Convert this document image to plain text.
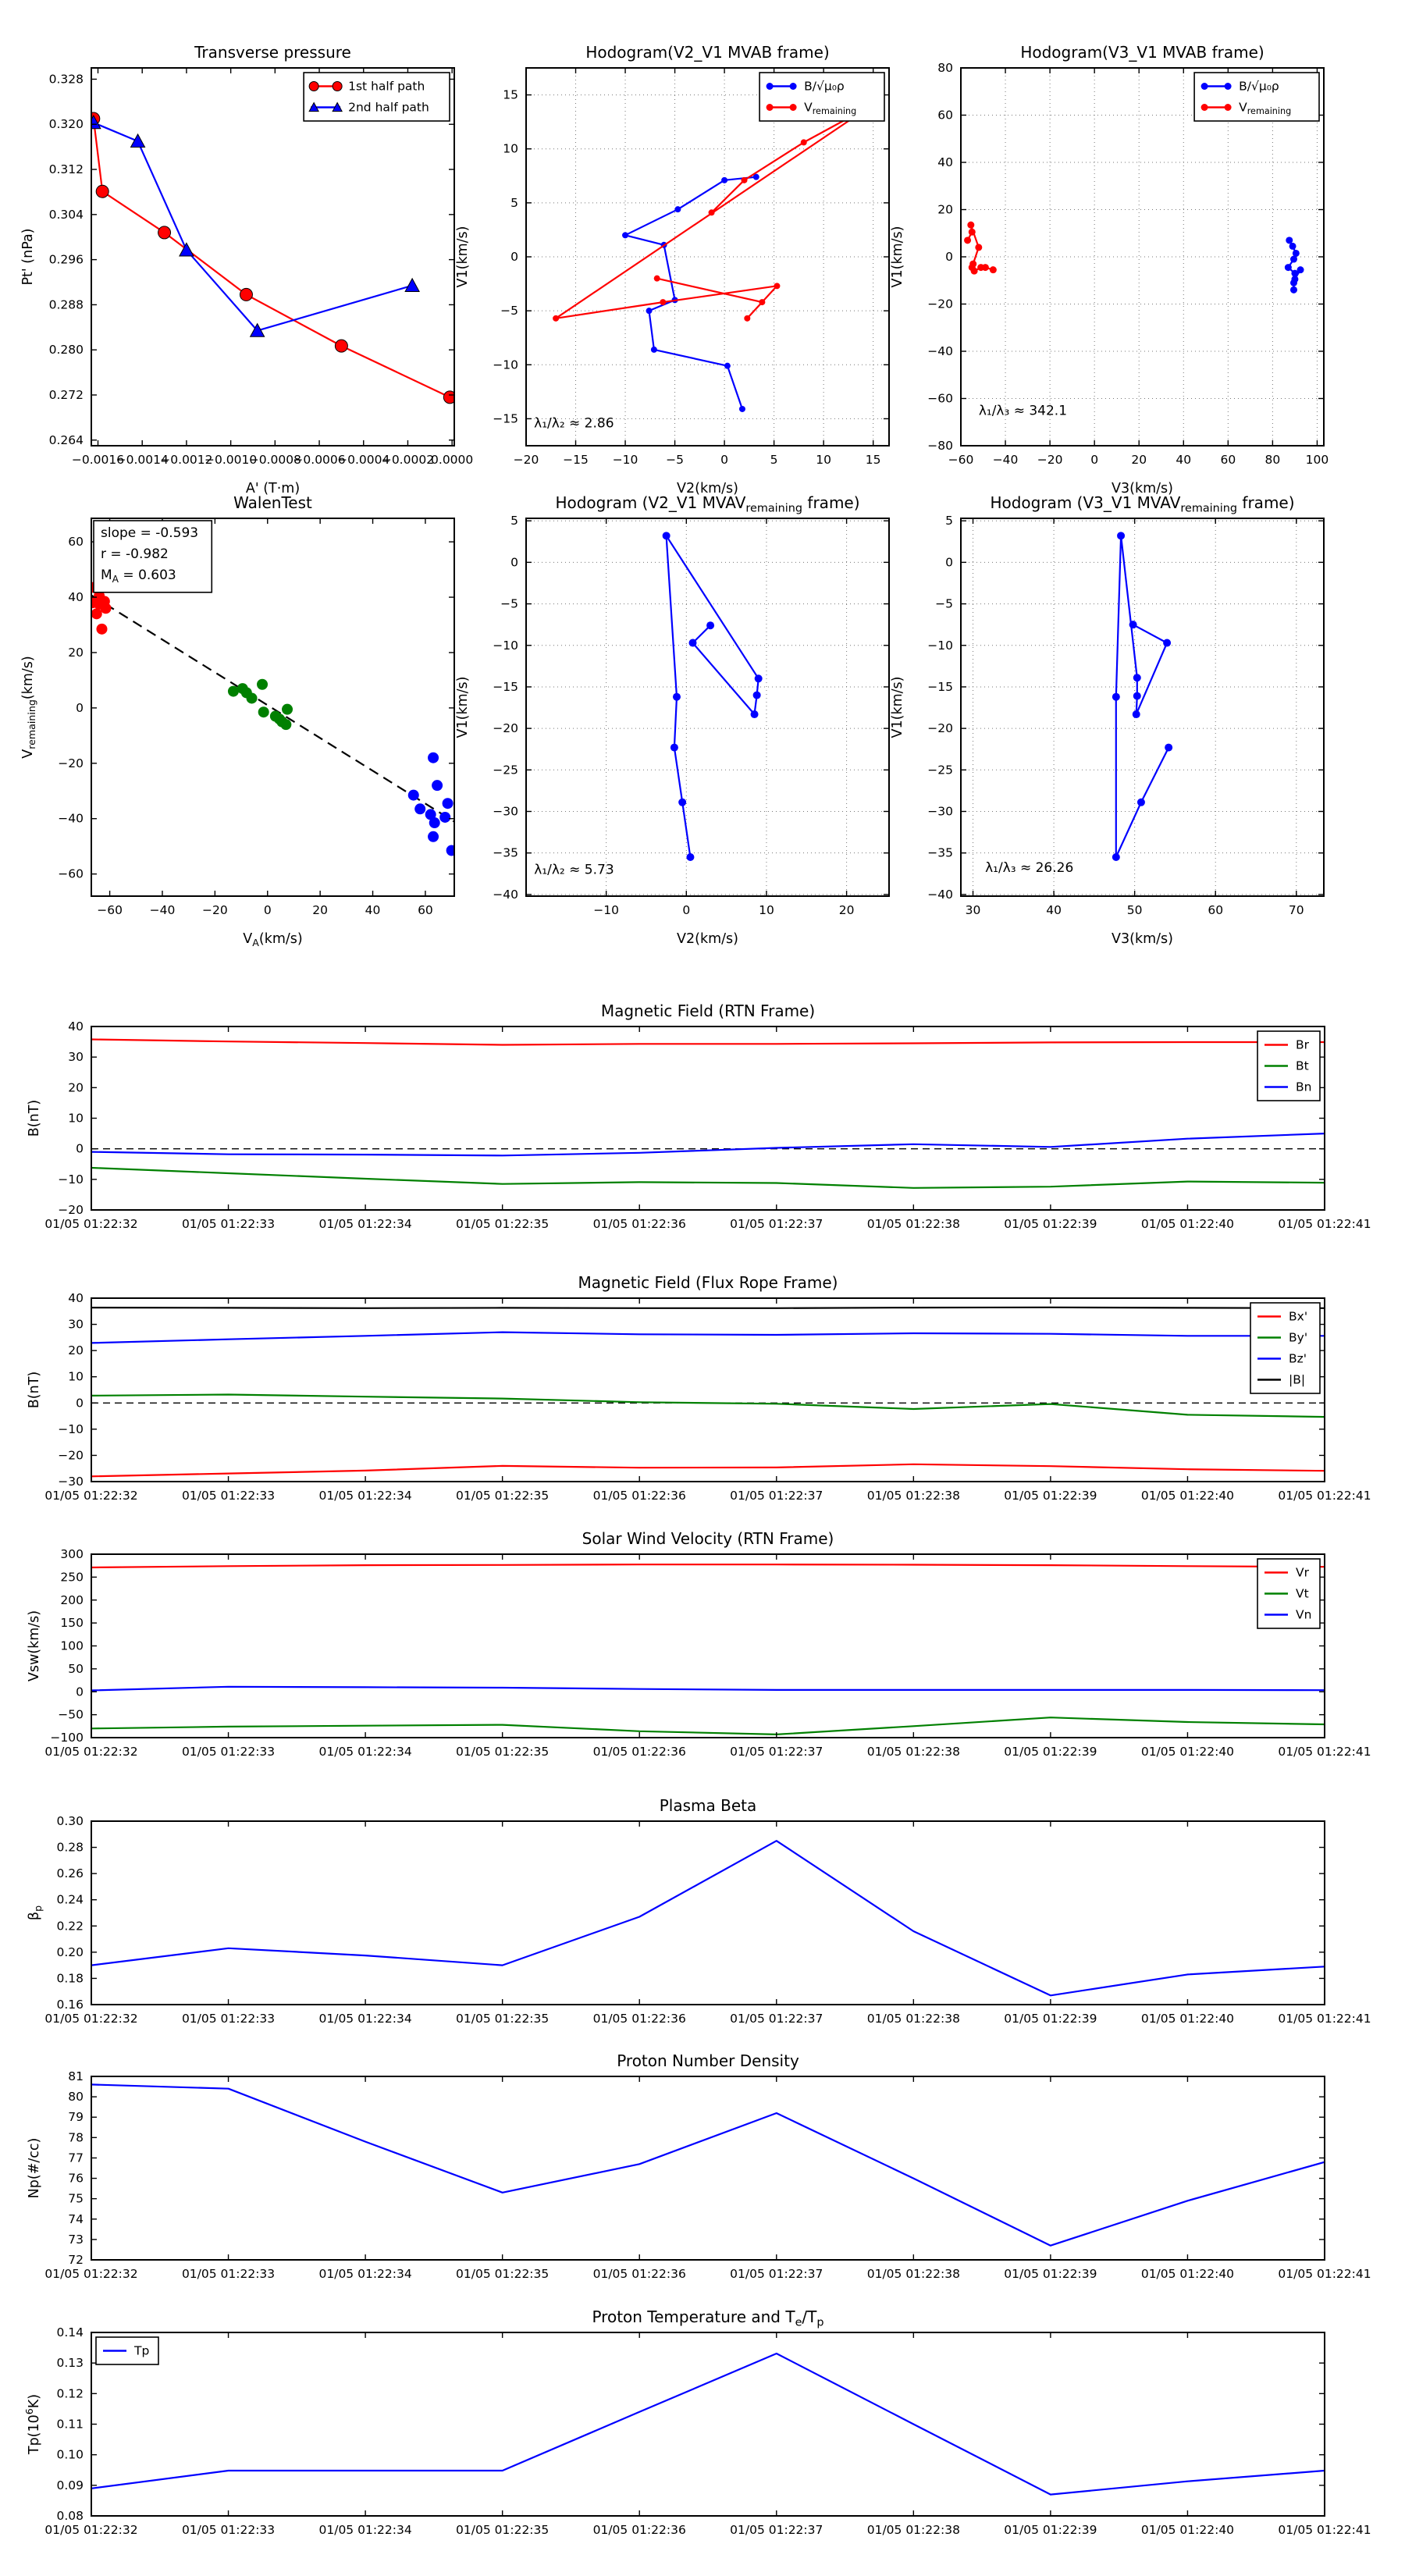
−0.0016
−0.0014
−0.0012
−0.0010
−0.0008
−0.0006
−0.0004
−0.0002
0.0000
0.264
0.272
0.280
0.288
0.296
0.304
0.312
0.320
0.328
Transverse pressure
A' (T·m)
Pt' (nPa)
1st half path
2nd half path
−20 −15 −10 −5	0	5	10	15
−15
−10
−5
0
5
10
15
Hodogram(V2_V1 MVAB frame)
V2(km/s)
V1(km/s)
λ₁/λ₂ ≈ 2.86
B/√μ₀ρ
$V_{remaining}$
−60 −40 −20 0	20 40 60 80 100
−80
−60
−40
−20
0
20
40
60
80
Hodogram(V3_V1 MVAB frame)
V3(km/s)
V1(km/s)
λ₁/λ₃ ≈ 342.1
B/√μ₀ρ
$V_{remaining}$
−60 −40 −20	0	20	40	60
−60
−40
−20
0
20
40
60
WalenTest
$V_A(km/s)$
$V_{remaining}(km/s)$
slope = -0.593
r = -0.982
$M_A = 0.603$
−10	0	10	20
5
0
−5
−10
−15
−20
−25
−30
−35
−40
Hodogram (V2_V1 $MVAV_{remaining}$ frame)
V2(km/s)
V1(km/s)
λ₁/λ₂ ≈ 5.73
30	40	50	60	70
5
0
−5
−10
−15
−20
−25
−30
−35
−40
Hodogram (V3_V1 $MVAV_{remaining}$ frame)
V3(km/s)
V1(km/s)
λ₁/λ₃ ≈ 26.26
01/05 01:22:32	01/05 01:22:33	01/05 01:22:34	01/05 01:22:35	01/05 01:22:36	01/05 01:22:37	01/05 01:22:38	01/05 01:22:39	01/05 01:22:40	01/05 01:22:41
−20
−10
0
10
20
30
40
Magnetic Field (RTN Frame)
B(nT)
Br
Bt
Bn
01/05 01:22:32	01/05 01:22:33	01/05 01:22:34	01/05 01:22:35	01/05 01:22:36	01/05 01:22:37	01/05 01:22:38	01/05 01:22:39	01/05 01:22:40	01/05 01:22:41
−30
−20
−10
0
10
20
30
40
Magnetic Field (Flux Rope Frame)
B(nT)
Bx'
By'
Bz'
|B|
01/05 01:22:32	01/05 01:22:33	01/05 01:22:34	01/05 01:22:35	01/05 01:22:36	01/05 01:22:37	01/05 01:22:38	01/05 01:22:39	01/05 01:22:40	01/05 01:22:41
−100
−50
0
50
100
150
200
250
300
Solar Wind Velocity (RTN Frame)
Vsw(km/s)
Vr
Vt
Vn
01/05 01:22:32	01/05 01:22:33	01/05 01:22:34	01/05 01:22:35	01/05 01:22:36	01/05 01:22:37	01/05 01:22:38	01/05 01:22:39	01/05 01:22:40	01/05 01:22:41
0.16
0.18
0.20
0.22
0.24
0.26
0.28
0.30
Plasma Beta
$\beta_p$
01/05 01:22:32	01/05 01:22:33	01/05 01:22:34	01/05 01:22:35	01/05 01:22:36	01/05 01:22:37	01/05 01:22:38	01/05 01:22:39	01/05 01:22:40	01/05 01:22:41
72
73
74
75
76
77
78
79
80
81
Proton Number Density
Np(#/cc)
01/05 01:22:32	01/05 01:22:33	01/05 01:22:34	01/05 01:22:35	01/05 01:22:36	01/05 01:22:37	01/05 01:22:38	01/05 01:22:39	01/05 01:22:40	01/05 01:22:41
0.08
0.09
0.10
0.11
0.12
0.13
0.14
Proton Temperature and $T_e/T_p$
$Tp(10^6K)$
Tp
